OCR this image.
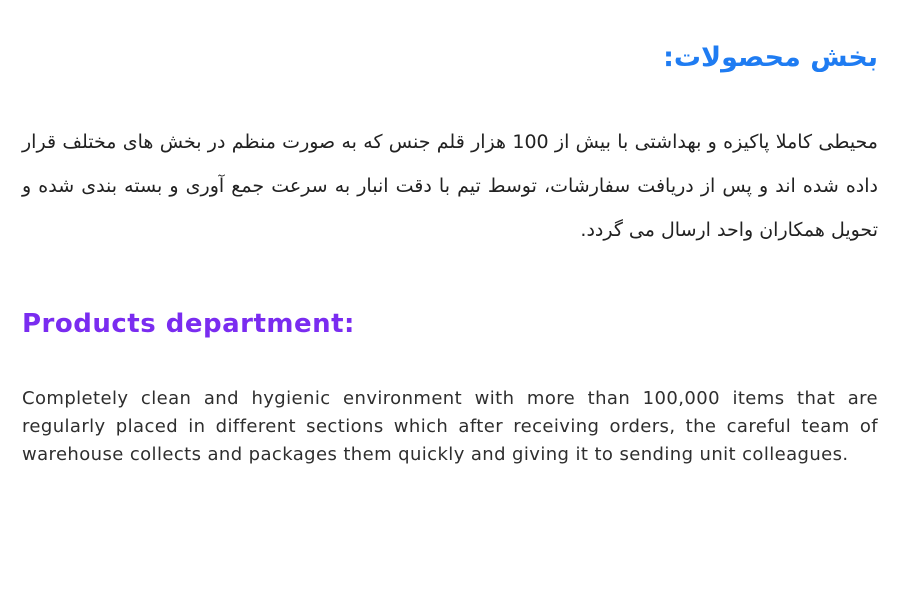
بخش محصولات:

محیطی کاملا پاکیزه و بهداشتی با بیش از 100 هزار قلم جنس که به صورت منظم در بخش های مختلف قرار داده شده اند و پس از دریافت سفارشات، توسط تیم با دقت انبار به سرعت جمع آوری و بسته بندی شده و تحویل همکاران واحد ارسال می گردد.

Products department:

Completely clean and hygienic environment with more than 100,000 items that are regularly placed in different sections which after receiving orders, the careful team of warehouse collects and packages them quickly and giving it to sending unit colleagues.
